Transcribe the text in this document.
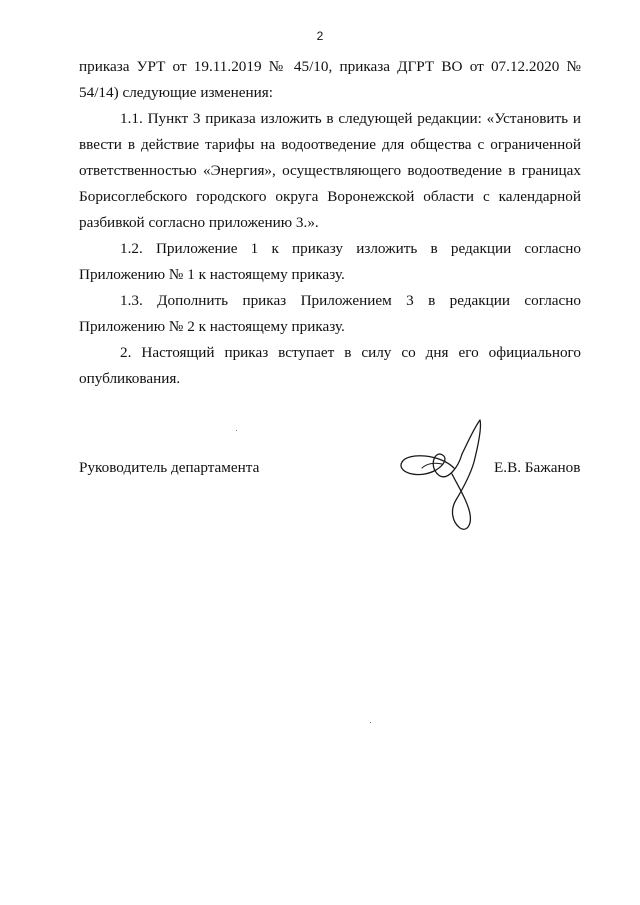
2

приказа УРТ от 19.11.2019 № 45/10, приказа ДГРТ ВО от 07.12.2020 № 54/14) следующие изменения:

1.1. Пункт 3 приказа изложить в следующей редакции: «Установить и ввести в действие тарифы на водоотведение для общества с ограниченной ответственностью «Энергия», осуществляющего водоотведение в границах Борисоглебского городского округа Воронежской области с календарной разбивкой согласно приложению 3.».

1.2. Приложение 1 к приказу изложить в редакции согласно Приложению № 1 к настоящему приказу.

1.3. Дополнить приказ Приложением 3 в редакции согласно Приложению № 2 к настоящему приказу.

2. Настоящий приказ вступает в силу со дня его официального опубликования.

Руководитель департамента	Е.В. Бажанов
